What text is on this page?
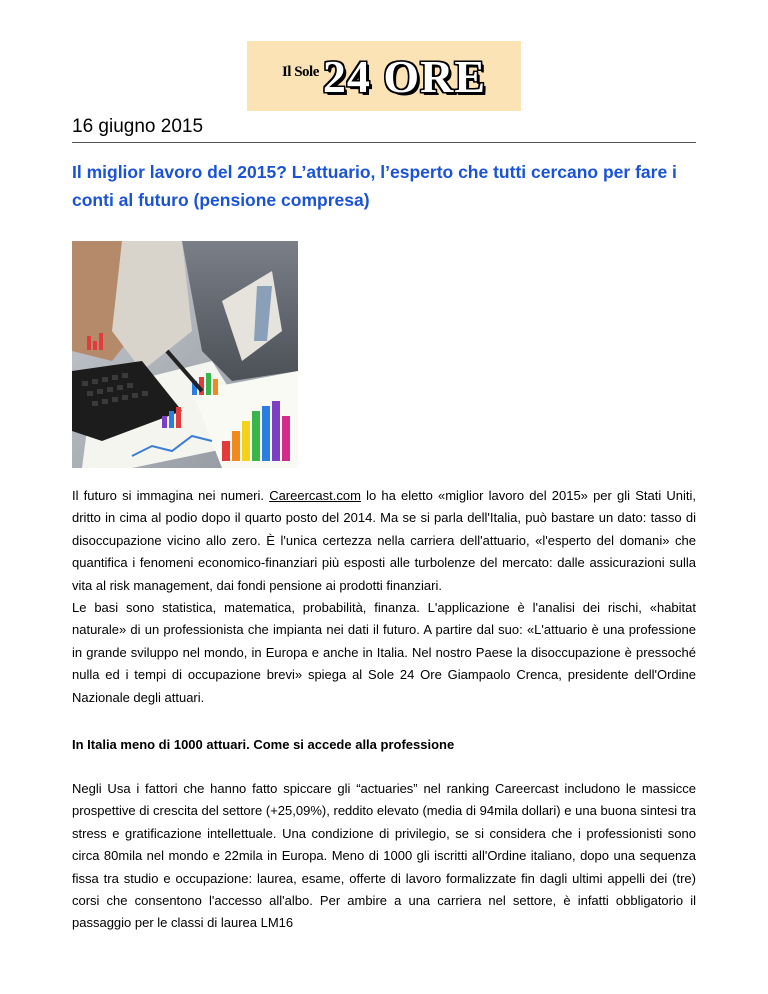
Il Sole 24 ORE
16 giugno 2015
Il miglior lavoro del 2015? L’attuario, l’esperto che tutti cercano per fare i conti al futuro (pensione compresa)

Il futuro si immagina nei numeri. Careercast.com lo ha eletto «miglior lavoro del 2015» per gli Stati Uniti, dritto in cima al podio dopo il quarto posto del 2014. Ma se si parla dell'Italia, può bastare un dato: tasso di disoccupazione vicino allo zero. È l'unica certezza nella carriera dell'attuario, «l'esperto del domani» che quantifica i fenomeni economico-finanziari più esposti alle turbolenze del mercato: dalle assicurazioni sulla vita al risk management, dai fondi pensione ai prodotti finanziari.

Le basi sono statistica, matematica, probabilità, finanza. L'applicazione è l'analisi dei rischi, «habitat naturale» di un professionista che impianta nei dati il futuro. A partire dal suo: «L'attuario è una professione in grande sviluppo nel mondo, in Europa e anche in Italia. Nel nostro Paese la disoccupazione è pressoché nulla ed i tempi di occupazione brevi» spiega al Sole 24 Ore Giampaolo Crenca, presidente dell'Ordine Nazionale degli attuari.

In Italia meno di 1000 attuari. Come si accede alla professione

Negli Usa i fattori che hanno fatto spiccare gli “actuaries” nel ranking Careercast includono le massicce prospettive di crescita del settore (+25,09%), reddito elevato (media di 94mila dollari) e una buona sintesi tra stress e gratificazione intellettuale. Una condizione di privilegio, se si considera che i professionisti sono circa 80mila nel mondo e 22mila in Europa. Meno di 1000 gli iscritti all'Ordine italiano, dopo una sequenza fissa tra studio e occupazione: laurea, esame, offerte di lavoro formalizzate fin dagli ultimi appelli dei (tre) corsi che consentono l'accesso all'albo. Per ambire a una carriera nel settore, è infatti obbligatorio il passaggio per le classi di laurea LM16
